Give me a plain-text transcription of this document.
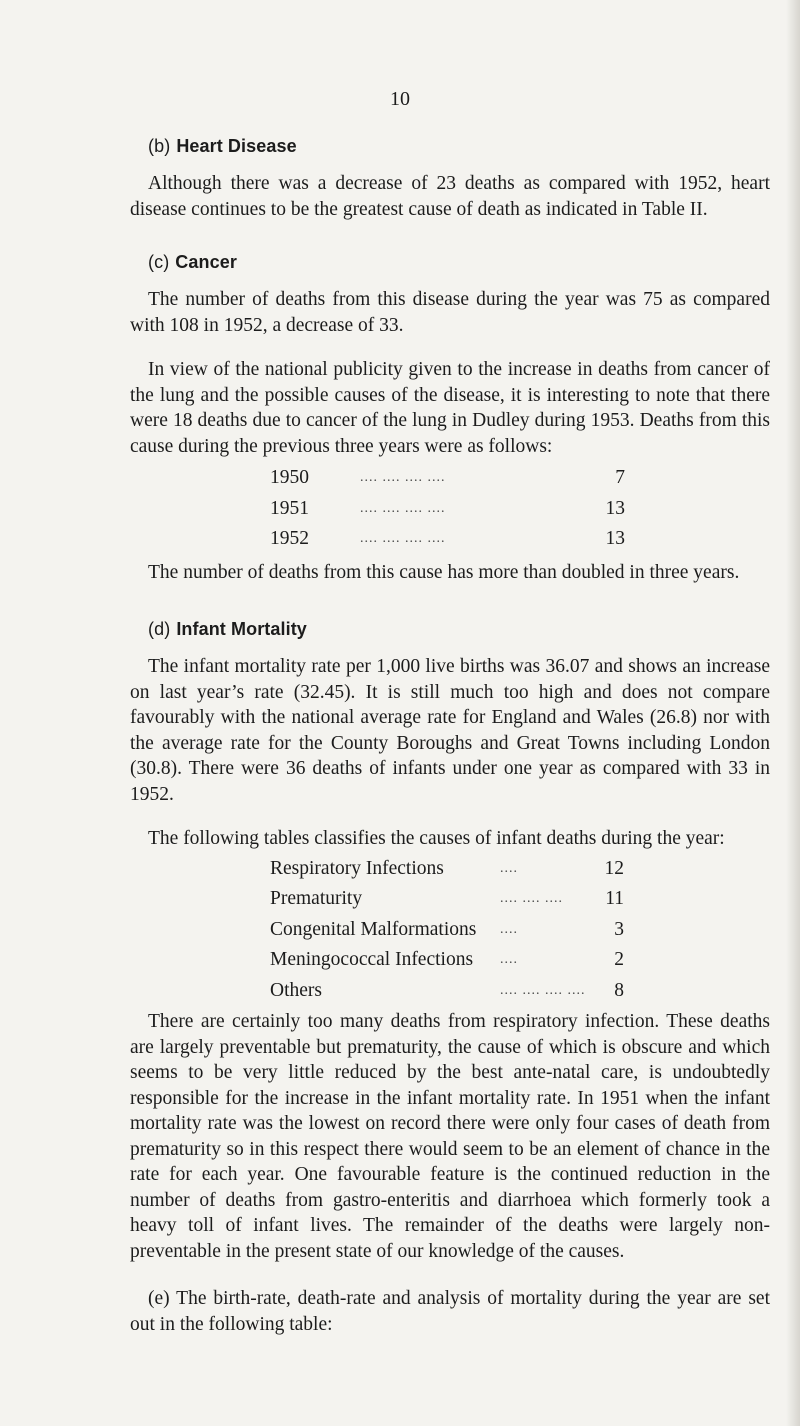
10
(b) Heart Disease

Although there was a decrease of 23 deaths as compared with 1952, heart disease continues to be the greatest cause of death as indicated in Table II.

(c) Cancer

The number of deaths from this disease during the year was 75 as compared with 108 in 1952, a decrease of 33.

In view of the national publicity given to the increase in deaths from cancer of the lung and the possible causes of the disease, it is interesting to note that there were 18 deaths due to cancer of the lung in Dudley during 1953. Deaths from this cause during the previous three years were as follows:

1950	.... .... .... ....	7

1951	.... .... .... ....	13

1952	.... .... .... ....	13

The number of deaths from this cause has more than doubled in three years.

(d) Infant Mortality

The infant mortality rate per 1,000 live births was 36.07 and shows an increase on last year’s rate (32.45). It is still much too high and does not compare favourably with the national average rate for England and Wales (26.8) nor with the average rate for the County Boroughs and Great Towns including London (30.8). There were 36 deaths of infants under one year as compared with 33 in 1952.

The following tables classifies the causes of infant deaths during the year:

Respiratory Infections	....	12

Prematurity	.... .... ....	11

Congenital Malformations	....	3

Meningococcal Infections	....	2

Others	.... .... .... ....	8

There are certainly too many deaths from respiratory infection. These deaths are largely preventable but prematurity, the cause of which is obscure and which seems to be very little reduced by the best ante-natal care, is undoubtedly responsible for the increase in the infant mortality rate. In 1951 when the infant mortality rate was the lowest on record there were only four cases of death from prematurity so in this respect there would seem to be an element of chance in the rate for each year. One favourable feature is the continued reduction in the number of deaths from gastro-enteritis and diarrhoea which formerly took a heavy toll of infant lives. The remainder of the deaths were largely non-preventable in the present state of our knowledge of the causes.

(e) The birth-rate, death-rate and analysis of mortality during the year are set out in the following table:
